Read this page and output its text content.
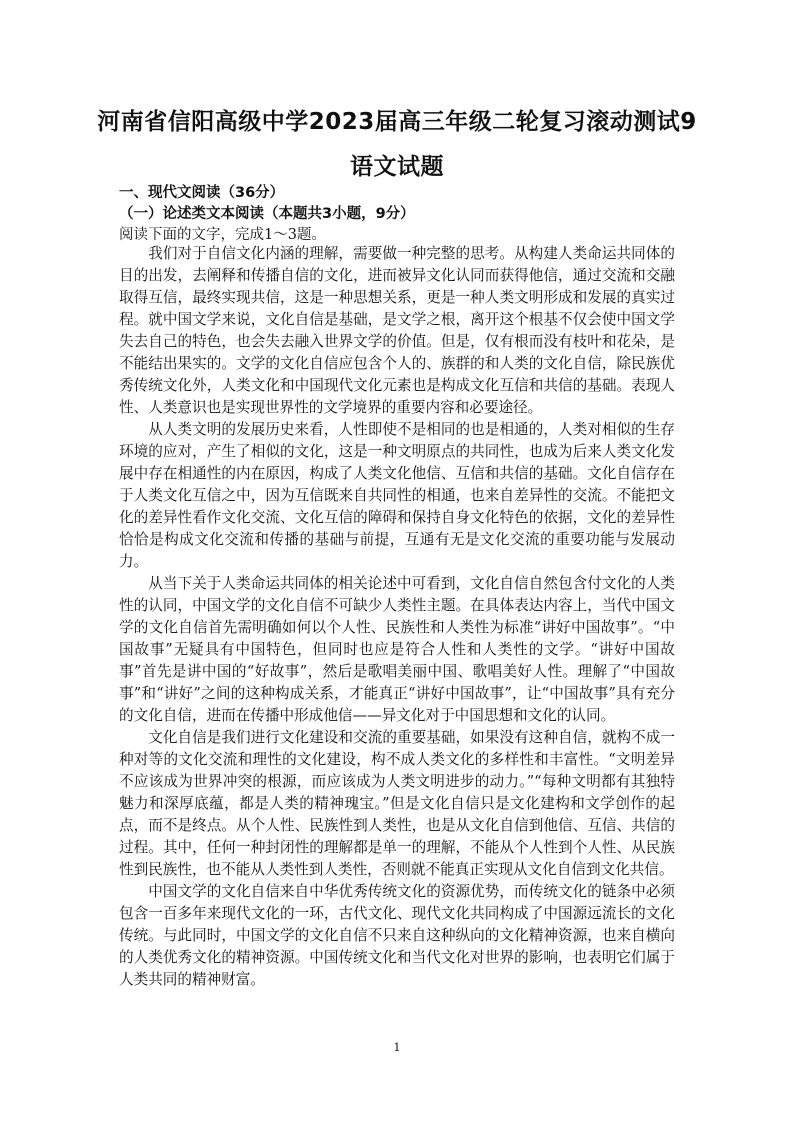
河南省信阳高级中学2023届高三年级二轮复习滚动测试9
语文试题
一、现代文阅读（36分）
（一）论述类文本阅读（本题共3小题，9分）
阅读下面的文字，完成1～3题。

我们对于自信文化内涵的理解，需要做一种完整的思考。从构建人类命运共同体的目的出发，去阐释和传播自信的文化，进而被异文化认同而获得他信，通过交流和交融取得互信，最终实现共信，这是一种思想关系，更是一种人类文明形成和发展的真实过程。就中国文学来说，文化自信是基础，是文学之根，离开这个根基不仅会使中国文学失去自己的特色，也会失去融入世界文学的价值。但是，仅有根而没有枝叶和花朵，是不能结出果实的。文学的文化自信应包含个人的、族群的和人类的文化自信，除民族优秀传统文化外，人类文化和中国现代文化元素也是构成文化互信和共信的基础。表现人性、人类意识也是实现世界性的文学境界的重要内容和必要途径。

从人类文明的发展历史来看，人性即使不是相同的也是相通的，人类对相似的生存环境的应对，产生了相似的文化，这是一种文明原点的共同性，也成为后来人类文化发展中存在相通性的内在原因，构成了人类文化他信、互信和共信的基础。文化自信存在于人类文化互信之中，因为互信既来自共同性的相通，也来自差异性的交流。不能把文化的差异性看作文化交流、文化互信的障碍和保持自身文化特色的依据，文化的差异性恰恰是构成文化交流和传播的基础与前提，互通有无是文化交流的重要功能与发展动力。

从当下关于人类命运共同体的相关论述中可看到，文化自信自然包含付文化的人类性的认同，中国文学的文化自信不可缺少人类性主题。在具体表达内容上，当代中国文学的文化自信首先需明确如何以个人性、民族性和人类性为标准“讲好中国故事”。“中国故事”无疑具有中国特色，但同时也应是符合人性和人类性的文学。“讲好中国故事”首先是讲中国的“好故事”，然后是歌唱美丽中国、歌唱美好人性。理解了“中国故事”和“讲好”之间的这种构成关系，才能真正“讲好中国故事”，让“中国故事”具有充分的文化自信，进而在传播中形成他信——异文化对于中国思想和文化的认同。

文化自信是我们进行文化建设和交流的重要基础，如果没有这种自信，就构不成一种对等的文化交流和理性的文化建设，构不成人类文化的多样性和丰富性。“文明差异不应该成为世界冲突的根源，而应该成为人类文明进步的动力。”“每种文明都有其独特魅力和深厚底蕴，都是人类的精神瑰宝。”但是文化自信只是文化建构和文学创作的起点，而不是终点。从个人性、民族性到人类性，也是从文化自信到他信、互信、共信的过程。其中，任何一种封闭性的理解都是单一的理解，不能从个人性到个人性、从民族性到民族性，也不能从人类性到人类性，否则就不能真正实现从文化自信到文化共信。

中国文学的文化自信来自中华优秀传统文化的资源优势，而传统文化的链条中必须包含一百多年来现代文化的一环，古代文化、现代文化共同构成了中国源远流长的文化传统。与此同时，中国文学的文化自信不只来自这种纵向的文化精神资源，也来自横向的人类优秀文化的精神资源。中国传统文化和当代文化对世界的影响，也表明它们属于人类共同的精神财富。

1
